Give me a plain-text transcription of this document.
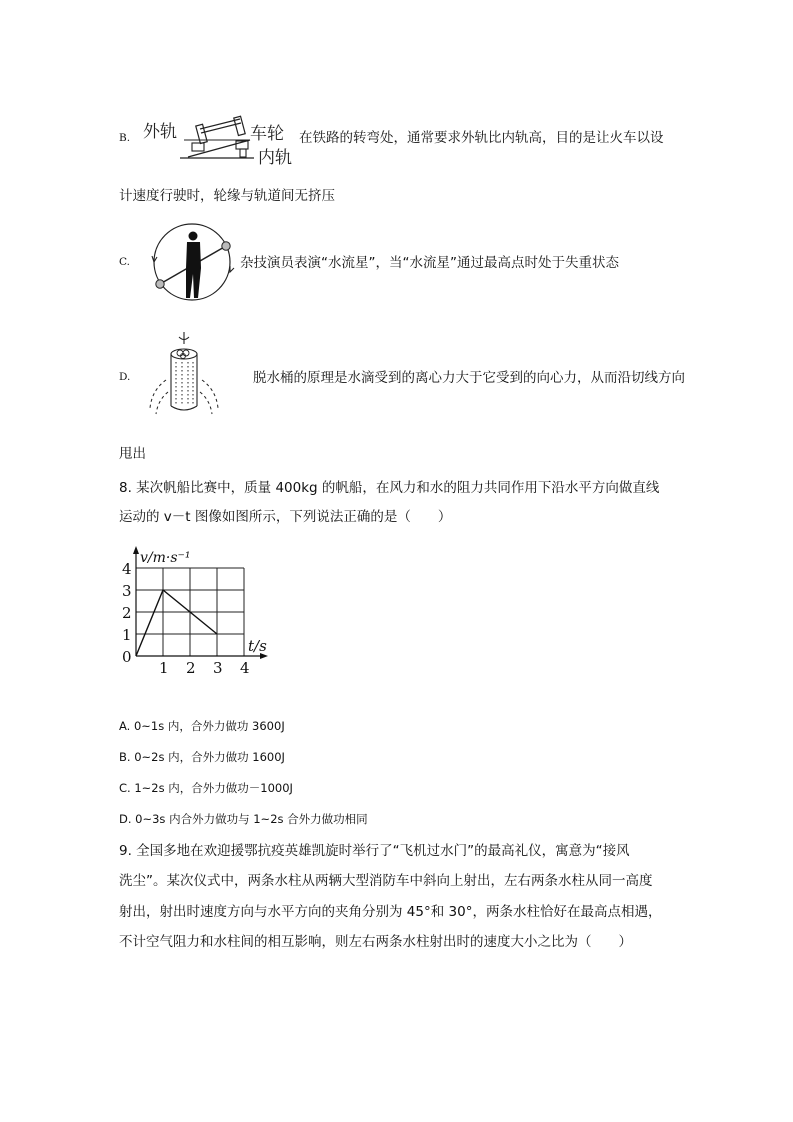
B. 外轨	车轮
内轨
在铁路的转弯处，通常要求外轨比内轨高，目的是让火车以设
计速度行驶时，轮缘与轨道间无挤压
C.	杂技演员表演“水流星”，当“水流星”通过最高点时处于失重状态
D.	脱水桶的原理是水滴受到的离心力大于它受到的向心力，从而沿切线方向
甩出
8. 某次帆船比赛中，质量 400kg 的帆船，在风力和水的阻力共同作用下沿水平方向做直线
运动的 v－t 图像如图所示，下列说法正确的是（　　）
t/s
v/m·s⁻¹
0
1 2 3 4
1
2
3
4
A. 0~1s 内，合外力做功 3600J
B. 0~2s 内，合外力做功 1600J
C. 1~2s 内，合外力做功－1000J
D. 0~3s 内合外力做功与 1~2s 合外力做功相同
9. 全国多地在欢迎援鄂抗疫英雄凯旋时举行了“飞机过水门”的最高礼仪，寓意为“接风
洗尘”。某次仪式中，两条水柱从两辆大型消防车中斜向上射出，左右两条水柱从同一高度
射出，射出时速度方向与水平方向的夹角分别为 45°和 30°，两条水柱恰好在最高点相遇，
不计空气阻力和水柱间的相互影响，则左右两条水柱射出时的速度大小之比为（　　）
